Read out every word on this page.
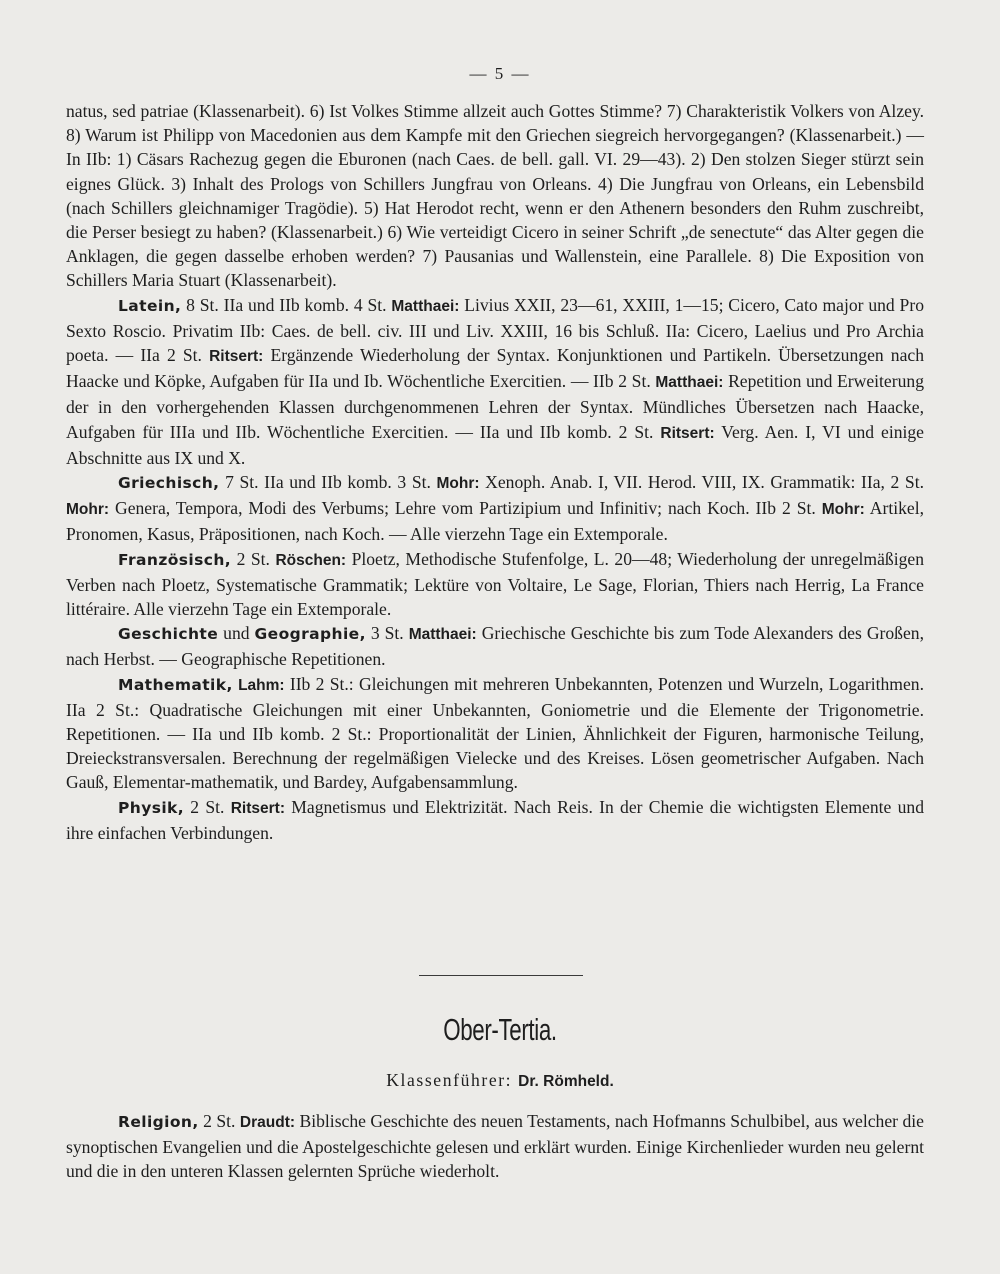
— 5 —

natus, sed patriae (Klassenarbeit). 6) Ist Volkes Stimme allzeit auch Gottes Stimme? 7) Charakteristik Volkers von Alzey. 8) Warum ist Philipp von Macedonien aus dem Kampfe mit den Griechen siegreich hervorgegangen? (Klassenarbeit.) — In IIb: 1) Cäsars Rachezug gegen die Eburonen (nach Caes. de bell. gall. VI. 29—43). 2) Den stolzen Sieger stürzt sein eignes Glück. 3) Inhalt des Prologs von Schillers Jungfrau von Orleans. 4) Die Jungfrau von Orleans, ein Lebensbild (nach Schillers gleichnamiger Tragödie). 5) Hat Herodot recht, wenn er den Athenern besonders den Ruhm zuschreibt, die Perser besiegt zu haben? (Klassenarbeit.) 6) Wie verteidigt Cicero in seiner Schrift „de senectute“ das Alter gegen die Anklagen, die gegen dasselbe erhoben werden? 7) Pausanias und Wallenstein, eine Parallele. 8) Die Exposition von Schillers Maria Stuart (Klassenarbeit).

Latein, 8 St. IIa und IIb komb. 4 St. Matthaei: Livius XXII, 23—61, XXIII, 1—15; Cicero, Cato major und Pro Sexto Roscio. Privatim IIb: Caes. de bell. civ. III und Liv. XXIII, 16 bis Schluß. IIa: Cicero, Laelius und Pro Archia poeta. — IIa 2 St. Ritsert: Ergänzende Wiederholung der Syntax. Konjunktionen und Partikeln. Übersetzungen nach Haacke und Köpke, Aufgaben für IIa und Ib. Wöchentliche Exercitien. — IIb 2 St. Matthaei: Repetition und Erweiterung der in den vorhergehenden Klassen durchgenommenen Lehren der Syntax. Mündliches Übersetzen nach Haacke, Aufgaben für IIIa und IIb. Wöchentliche Exercitien. — IIa und IIb komb. 2 St. Ritsert: Verg. Aen. I, VI und einige Abschnitte aus IX und X.

Griechisch, 7 St. IIa und IIb komb. 3 St. Mohr: Xenoph. Anab. I, VII. Herod. VIII, IX. Grammatik: IIa, 2 St. Mohr: Genera, Tempora, Modi des Verbums; Lehre vom Partizipium und Infinitiv; nach Koch. IIb 2 St. Mohr: Artikel, Pronomen, Kasus, Präpositionen, nach Koch. — Alle vierzehn Tage ein Extemporale.

Französisch, 2 St. Röschen: Ploetz, Methodische Stufenfolge, L. 20—48; Wiederholung der unregelmäßigen Verben nach Ploetz, Systematische Grammatik; Lektüre von Voltaire, Le Sage, Florian, Thiers nach Herrig, La France littéraire. Alle vierzehn Tage ein Extemporale.

Geschichte und Geographie, 3 St. Matthaei: Griechische Geschichte bis zum Tode Alexanders des Großen, nach Herbst. — Geographische Repetitionen.

Mathematik, Lahm: IIb 2 St.: Gleichungen mit mehreren Unbekannten, Potenzen und Wurzeln, Logarithmen. IIa 2 St.: Quadratische Gleichungen mit einer Unbekannten, Goniometrie und die Elemente der Trigonometrie. Repetitionen. — IIa und IIb komb. 2 St.: Proportionalität der Linien, Ähnlichkeit der Figuren, harmonische Teilung, Dreieckstransversalen. Berechnung der regelmäßigen Vielecke und des Kreises. Lösen geometrischer Aufgaben. Nach Gauß, Elementar-mathematik, und Bardey, Aufgabensammlung.

Physik, 2 St. Ritsert: Magnetismus und Elektrizität. Nach Reis. In der Chemie die wichtigsten Elemente und ihre einfachen Verbindungen.

Ober-Tertia.
Klassenführer: Dr. Römheld.

Religion, 2 St. Draudt: Biblische Geschichte des neuen Testaments, nach Hofmanns Schulbibel, aus welcher die synoptischen Evangelien und die Apostelgeschichte gelesen und erklärt wurden. Einige Kirchenlieder wurden neu gelernt und die in den unteren Klassen gelernten Sprüche wiederholt.
